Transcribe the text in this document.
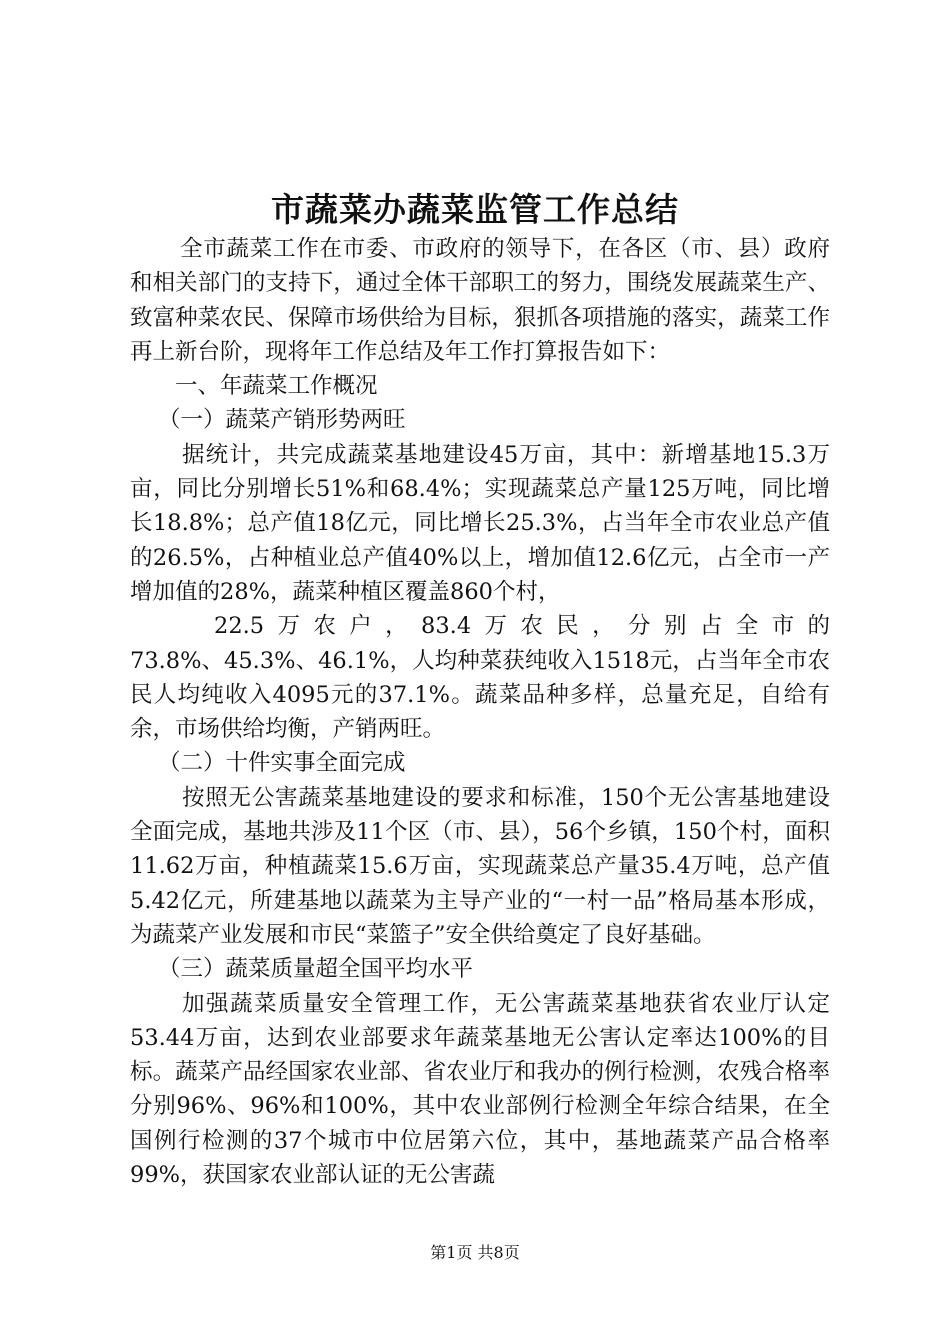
市蔬菜办蔬菜监管工作总结

全市蔬菜工作在市委、市政府的领导下，在各区（市、县）政府和相关部门的支持下，通过全体干部职工的努力，围绕发展蔬菜生产、致富种菜农民、保障市场供给为目标，狠抓各项措施的落实，蔬菜工作再上新台阶，现将年工作总结及年工作打算报告如下：

一、年蔬菜工作概况

（一）蔬菜产销形势两旺

据统计，共完成蔬菜基地建设45万亩，其中：新增基地15.3万亩，同比分别增长51%和68.4%；实现蔬菜总产量125万吨，同比增长18.8%；总产值18亿元，同比增长25.3%，占当年全市农业总产值的26.5%，占种植业总产值40%以上，增加值12.6亿元，占全市一产增加值的28%，蔬菜种植区覆盖860个村，

22.5万农户，83.4万农民，分别占全市的

73.8%、45.3%、46.1%，人均种菜获纯收入1518元，占当年全市农民人均纯收入4095元的37.1%。蔬菜品种多样，总量充足，自给有余，市场供给均衡，产销两旺。

（二）十件实事全面完成

按照无公害蔬菜基地建设的要求和标准，150个无公害基地建设全面完成，基地共涉及11个区（市、县），56个乡镇，150个村，面积11.62万亩，种植蔬菜15.6万亩，实现蔬菜总产量35.4万吨，总产值5.42亿元，所建基地以蔬菜为主导产业的“一村一品”格局基本形成，为蔬菜产业发展和市民“菜篮子”安全供给奠定了良好基础。

（三）蔬菜质量超全国平均水平

加强蔬菜质量安全管理工作，无公害蔬菜基地获省农业厅认定53.44万亩，达到农业部要求年蔬菜基地无公害认定率达100%的目标。蔬菜产品经国家农业部、省农业厅和我办的例行检测，农残合格率分别96%、96%和100%，其中农业部例行检测全年综合结果，在全国例行检测的37个城市中位居第六位，其中，基地蔬菜产品合格率99%，获国家农业部认证的无公害蔬

第1页 共8页
